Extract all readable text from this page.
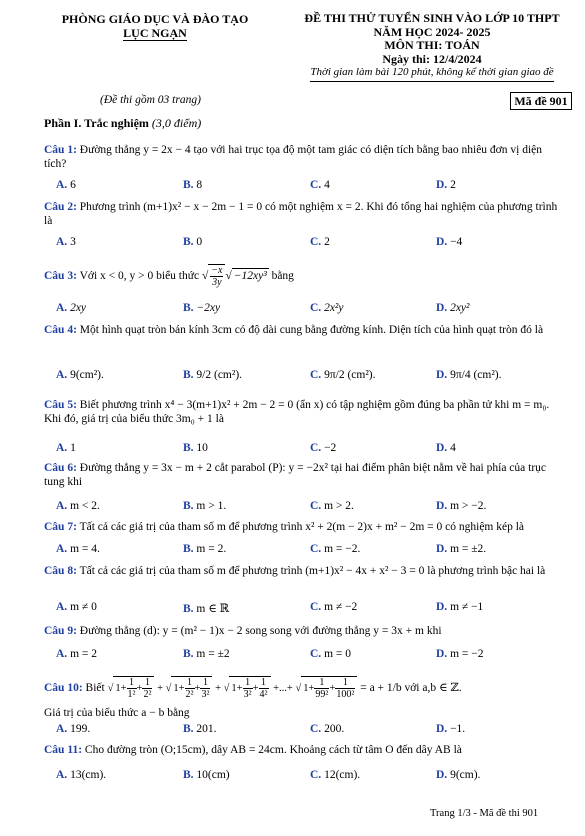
PHÒNG GIÁO DỤC VÀ ĐÀO TẠO
LỤC NGẠN
ĐỀ THI THỬ TUYỂN SINH VÀO LỚP 10 THPT
NĂM HỌC 2024- 2025
MÔN THI: TOÁN
Ngày thi: 12/4/2024
Thời gian làm bài 120 phút, không kể thời gian giao đề
(Đề thi gồm 03 trang)	Mã đề 901
Phần I. Trắc nghiệm (3,0 điểm)
Câu 1: Đường thẳng y = 2x − 4 tạo với hai trục tọa độ một tam giác có diện tích bằng bao nhiêu đơn vị diện tích?
A. 6	B. 8	C. 4	D. 2
Câu 2: Phương trình (m+1)x² − x − 2m − 1 = 0 có một nghiệm x = 2. Khi đó tổng hai nghiệm của phương trình là
A. 3	B. 0	C. 2	D. −4
Câu 3: Với x < 0, y > 0 biểu thức √ $\frac{-x}{3y}$ √ −12xy³ bằng
A. 2xy	B. −2xy	C. 2x²y	D. 2xy²
Câu 4: Một hình quạt tròn bán kính 3cm có độ dài cung bằng đường kính. Diện tích của hình quạt tròn đó là
A. 9(cm²).	B. 9/2 (cm²).	C. 9π/2 (cm²).	D. 9π/4 (cm²).
Câu 5: Biết phương trình x⁴ − 3(m+1)x² + 2m − 2 = 0 (ẩn x) có tập nghiệm gồm đúng ba phần tử khi m = m₀. Khi đó, giá trị của biểu thức 3m₀ + 1 là
A. 1	B. 10	C. −2	D. 4
Câu 6: Đường thẳng y = 3x − m + 2 cắt parabol (P): y = −2x² tại hai điểm phân biệt nằm về hai phía của trục tung khi
A. m < 2.	B. m > 1.	C. m > 2.	D. m > −2.
Câu 7: Tất cả các giá trị của tham số m để phương trình x² + 2(m − 2)x + m² − 2m = 0 có nghiệm kép là
A. m = 4.	B. m = 2.	C. m = −2.	D. m = ±2.
Câu 8: Tất cả các giá trị của tham số m để phương trình (m+1)x² − 4x + x² − 3 = 0 là phương trình bậc hai là
A. m ≠ 0	B. m ∈ ℝ	C. m ≠ −2	D. m ≠ −1
Câu 9: Đường thẳng (d): y = (m² − 1)x − 2 song song với đường thẳng y = 3x + m khi
A. m = 2	B. m = ±2	C. m = 0	D. m = −2
Câu 10: Biết √ $1+ \frac{1}{\text{1²}} + \frac{1}{\text{2²}}$ + √ $1+ \frac{1}{\text{2²}} + \frac{1}{\text{3²}}$ + √ $1+ \frac{1}{\text{3²}} + \frac{1}{\text{4²}}$ +...+ √ $1+ \frac{1}{\text{99²}} + \frac{1}{\text{100²}} = a + 1/b$ với a,b ∈ ℤ.
Giá trị của biểu thức a − b bằng
A. 199.	B. 201.	C. 200.	D. −1.
Câu 11: Cho đường tròn (O;15cm), dây AB = 24cm. Khoảng cách từ tâm O đến dây AB là
A. 13(cm).	B. 10(cm)	C. 12(cm).	D. 9(cm).
Trang 1/3 - Mã đề thi 901
